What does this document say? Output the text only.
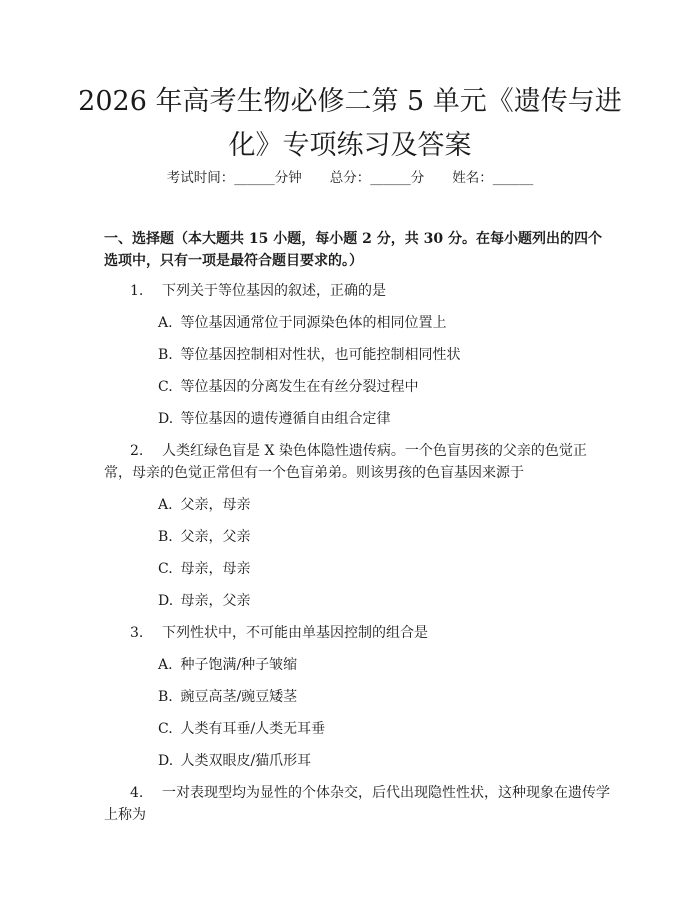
2026 年高考生物必修二第 5 单元《遗传与进
化》专项练习及答案
考试时间：______分钟 总分：______分 姓名：______

一、选择题（本大题共 15 小题，每小题 2 分，共 30 分。在每小题列出的四个选项中，只有一项是最符合题目要求的。）

1. 下列关于等位基因的叙述，正确的是

A. 等位基因通常位于同源染色体的相同位置上

B. 等位基因控制相对性状，也可能控制相同性状

C. 等位基因的分离发生在有丝分裂过程中

D. 等位基因的遗传遵循自由组合定律

2. 人类红绿色盲是 X 染色体隐性遗传病。一个色盲男孩的父亲的色觉正常，母亲的色觉正常但有一个色盲弟弟。则该男孩的色盲基因来源于

A. 父亲，母亲

B. 父亲，父亲

C. 母亲，母亲

D. 母亲，父亲

3. 下列性状中，不可能由单基因控制的组合是

A. 种子饱满/种子皱缩

B. 豌豆高茎/豌豆矮茎

C. 人类有耳垂/人类无耳垂

D. 人类双眼皮/猫爪形耳

4. 一对表现型均为显性的个体杂交，后代出现隐性性状，这种现象在遗传学上称为
